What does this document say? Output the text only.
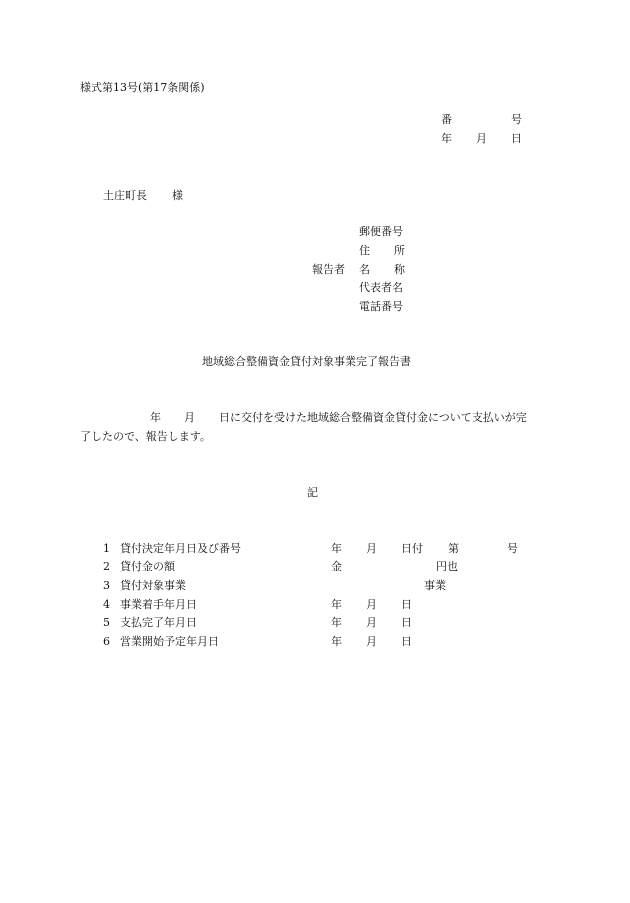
様式第13号(第17条関係)
番	号
年 月 日
土庄町長 様
報告者
郵便番号
住 所
名 称
代表者名
電話番号
地域総合整備資金貸付対象事業完了報告書
年 月 日に交付を受けた地域総合整備資金貸付金について支払いが完
了したので、報告します。
記
1 貸付決定年月日及び番号	年 月 日付 第	号
2 貸付金の額	金	円也
3 貸付対象事業	事業
4 事業着手年月日	年 月 日
5 支払完了年月日	年 月 日
6 営業開始予定年月日	年 月 日
